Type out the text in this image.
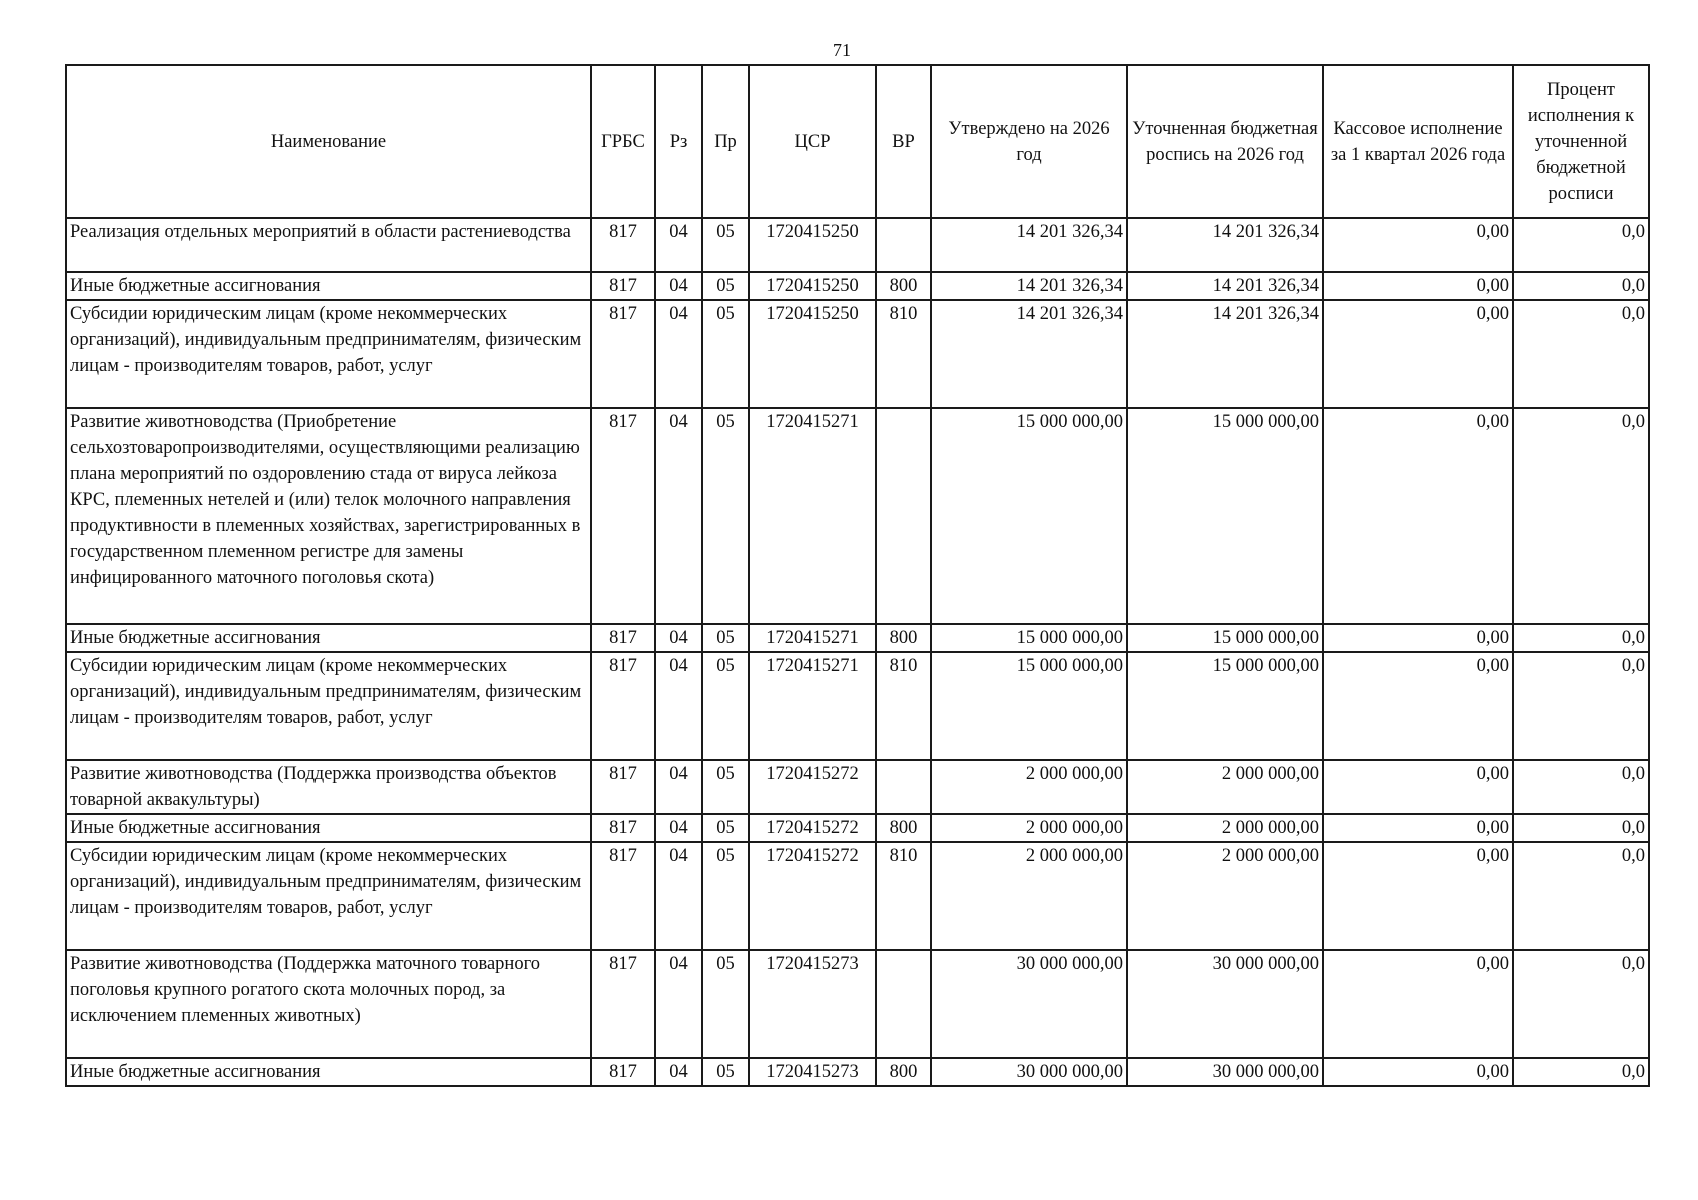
71
Наименование	ГРБС	Рз	Пр	ЦСР	ВР	Утверждено на 2026 год	Уточненная бюджетная роспись на 2026 год	Кассовое исполнение за 1 квартал 2026 года	Процент исполнения к уточненной бюджетной росписи
Реализация отдельных мероприятий в области растениеводства	817	04	05	1720415250		14 201 326,34	14 201 326,34	0,00	0,0
Иные бюджетные ассигнования	817	04	05	1720415250	800	14 201 326,34	14 201 326,34	0,00	0,0
Субсидии юридическим лицам (кроме некоммерческих организаций), индивидуальным предпринимателям, физическим лицам - производителям товаров, работ, услуг	817	04	05	1720415250	810	14 201 326,34	14 201 326,34	0,00	0,0
Развитие животноводства (Приобретение сельхозтоваропроизводителями, осуществляющими реализацию плана мероприятий по оздоровлению стада от вируса лейкоза КРС, племенных нетелей и (или) телок молочного направления продуктивности в племенных хозяйствах, зарегистрированных в государственном племенном регистре для замены инфицированного маточного поголовья скота)	817	04	05	1720415271		15 000 000,00	15 000 000,00	0,00	0,0
Иные бюджетные ассигнования	817	04	05	1720415271	800	15 000 000,00	15 000 000,00	0,00	0,0
Субсидии юридическим лицам (кроме некоммерческих организаций), индивидуальным предпринимателям, физическим лицам - производителям товаров, работ, услуг	817	04	05	1720415271	810	15 000 000,00	15 000 000,00	0,00	0,0
Развитие животноводства (Поддержка производства объектов товарной аквакультуры)	817	04	05	1720415272		2 000 000,00	2 000 000,00	0,00	0,0
Иные бюджетные ассигнования	817	04	05	1720415272	800	2 000 000,00	2 000 000,00	0,00	0,0
Субсидии юридическим лицам (кроме некоммерческих организаций), индивидуальным предпринимателям, физическим лицам - производителям товаров, работ, услуг	817	04	05	1720415272	810	2 000 000,00	2 000 000,00	0,00	0,0
Развитие животноводства (Поддержка маточного товарного поголовья крупного рогатого скота молочных пород, за исключением племенных животных)	817	04	05	1720415273		30 000 000,00	30 000 000,00	0,00	0,0
Иные бюджетные ассигнования	817	04	05	1720415273	800	30 000 000,00	30 000 000,00	0,00	0,0
